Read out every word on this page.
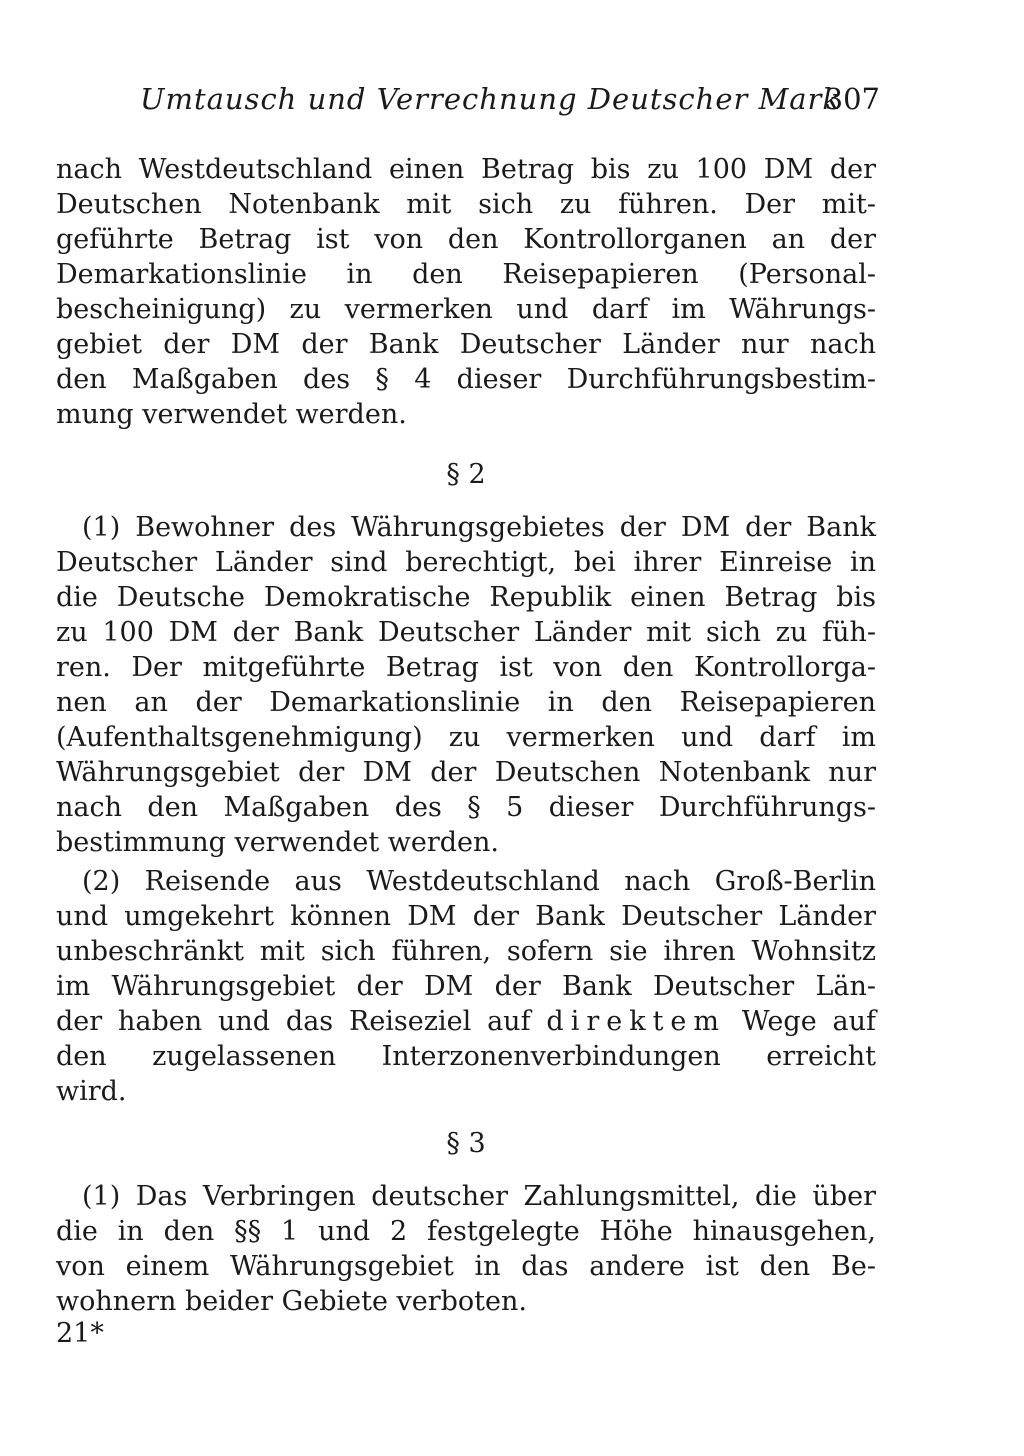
Umtausch und Verrechnung Deutscher Mark
307
nach Westdeutschland einen Betrag bis zu 100 DM der
Deutschen Notenbank mit sich zu führen. Der mit-
geführte Betrag ist von den Kontrollorganen an der
Demarkationslinie in den Reisepapieren (Personal-
bescheinigung) zu vermerken und darf im Währungs-
gebiet der DM der Bank Deutscher Länder nur nach
den Maßgaben des § 4 dieser Durchführungsbestim-
mung verwendet werden.
§ 2
(1) Bewohner des Währungsgebietes der DM der Bank
Deutscher Länder sind berechtigt, bei ihrer Einreise in
die Deutsche Demokratische Republik einen Betrag bis
zu 100 DM der Bank Deutscher Länder mit sich zu füh-
ren. Der mitgeführte Betrag ist von den Kontrollorga-
nen an der Demarkationslinie in den Reisepapieren
(Aufenthaltsgenehmigung) zu vermerken und darf im
Währungsgebiet der DM der Deutschen Notenbank nur
nach den Maßgaben des § 5 dieser Durchführungs-
bestimmung verwendet werden.
(2) Reisende aus Westdeutschland nach Groß-Berlin
und umgekehrt können DM der Bank Deutscher Länder
unbeschränkt mit sich führen, sofern sie ihren Wohnsitz
im Währungsgebiet der DM der Bank Deutscher Län-
der haben und das Reiseziel auf direktem Wege auf
den zugelassenen Interzonenverbindungen erreicht
wird.
§ 3
(1) Das Verbringen deutscher Zahlungsmittel, die über
die in den §§ 1 und 2 festgelegte Höhe hinausgehen,
von einem Währungsgebiet in das andere ist den Be-
wohnern beider Gebiete verboten.
21*
